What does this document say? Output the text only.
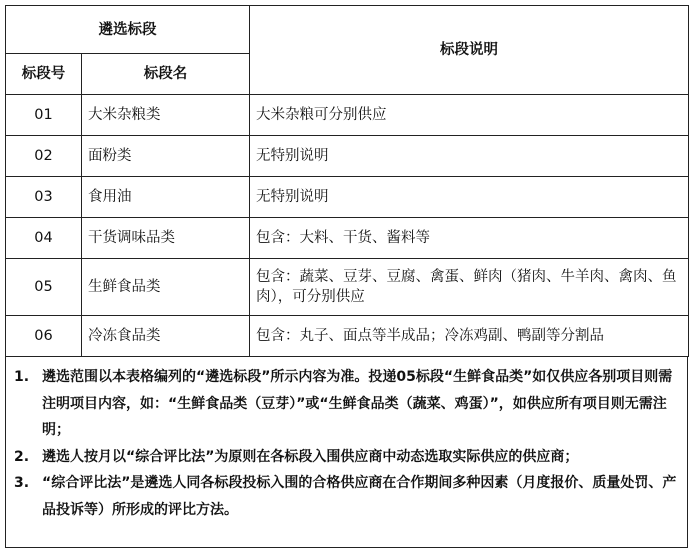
遴选标段		标段说明
标段号	标段名	
01	大米杂粮类	大米杂粮可分别供应
02	面粉类	无特别说明
03	食用油	无特别说明
04	干货调味品类	包含：大料、干货、酱料等
05	生鲜食品类	包含：蔬菜、豆芽、豆腐、禽蛋、鲜肉（猪肉、牛羊肉、禽肉、鱼肉），可分别供应
06	冷冻食品类	包含：丸子、面点等半成品；冷冻鸡副、鸭副等分割品
1. 遴选范围以本表格编列的“遴选标段”所示内容为准。投递05标段“生鲜食品类”如仅供应各别项目则需注明项目内容，如：“生鲜食品类（豆芽）”或“生鲜食品类（蔬菜、鸡蛋）”，如供应所有项目则无需注明；
2. 遴选人按月以“综合评比法”为原则在各标段入围供应商中动态选取实际供应的供应商；
3. “综合评比法”是遴选人同各标段投标入围的合格供应商在合作期间多种因素（月度报价、质量处罚、产品投诉等）所形成的评比方法。
